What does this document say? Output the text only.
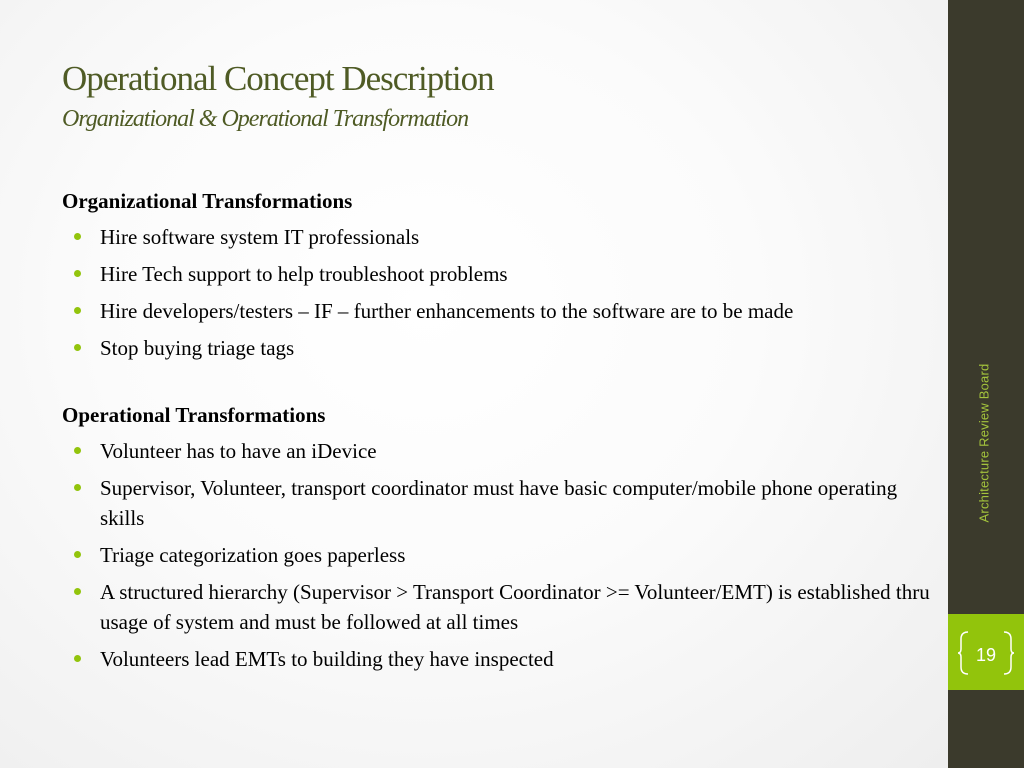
Architecture Review Board
19
Operational Concept Description
Organizational & Operational Transformation
Organizational Transformations
Hire software system IT professionals
Hire Tech support to help troubleshoot problems
Hire developers/testers – IF – further enhancements to the software are to be made
Stop buying triage tags
Operational Transformations
Volunteer has to have an iDevice
Supervisor, Volunteer, transport coordinator must have basic computer/mobile phone operating skills
Triage categorization goes paperless
A structured hierarchy (Supervisor > Transport Coordinator >= Volunteer/EMT) is established thru usage of system and must be followed at all times
Volunteers lead EMTs to building they have inspected
